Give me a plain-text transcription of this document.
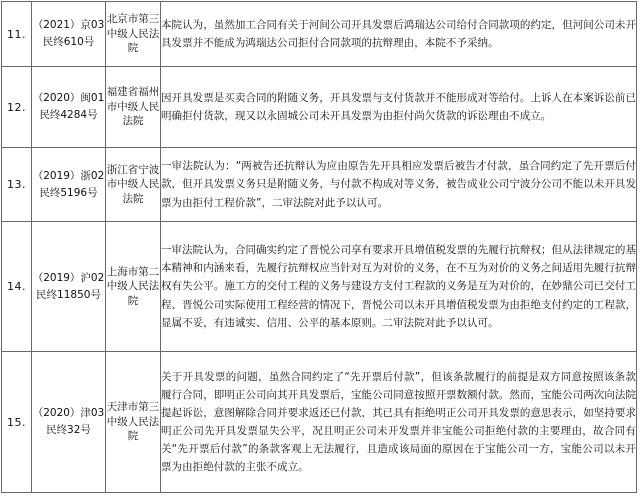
11.	（2021）京03民终610号	北京市第三中级人民法院	本院认为，虽然加工合同有关于河间公司开具发票后鸿瑞达公司给付合同款项的约定，但河间公司未开具发票并不能成为鸿瑞达公司拒付合同款项的抗辩理由，本院不予采纳。
12.	（2020）闽01民终4284号	福建省福州市中级人民法院	因开具发票是买卖合同的附随义务，开具发票与支付货款并不能形成对等给付。上诉人在本案诉讼前已明确拒付货款，现又以永固城公司未开具发票为由拒付尚欠货款的诉讼理由不成立。
13.	（2019）浙02民终5196号	浙江省宁波市中级人民法院	一审法院认为：“两被告还抗辩认为应由原告先开具相应发票后被告才付款，虽合同约定了先开票后付款，但开具发票义务只是附随义务，与付款不构成对等义务，被告成业公司宁波分公司不能以未开具发票为由拒付工程价款”，二审法院对此予以认可。
14.	（2019）沪02民终11850号	上海市第二中级人民法院	一审法院认为，合同确实约定了晋悦公司享有要求开具增值税发票的先履行抗辩权；但从法律规定的基本精神和内涵来看，先履行抗辩权应当针对互为对价的义务，在不互为对价的义务之间适用先履行抗辩权有失公平。施工方的交付工程的义务与建设方支付工程款的义务是互为对价的，在妙鼎公司已交付工程、晋悦公司实际使用工程经营的情况下，晋悦公司以未开具增值税发票为由拒绝支付约定的工程款，显属不妥，有违诚实、信用、公平的基本原则。二审法院对此予以认可。
15.	（2020）津03民终32号	天津市第三中级人民法院	关于开具发票的问题，虽然合同约定了“先开票后付款”，但该条款履行的前提是双方同意按照该条款履行合同，即明正公司向其开具发票后，宝能公司同意按照开票数额付款。然而，宝能公司两次向法院提起诉讼，意图解除合同并要求返还已付款，其已具有拒绝明正公司开具发票的意思表示，如坚持要求明正公司先开具发票显失公平，况且明正公司未开发票并非宝能公司拒绝付款的主要理由，故合同有关“先开票后付款”的条款客观上无法履行，且造成该局面的原因在于宝能公司一方，宝能公司以未开票为由拒绝付款的主张不成立。
